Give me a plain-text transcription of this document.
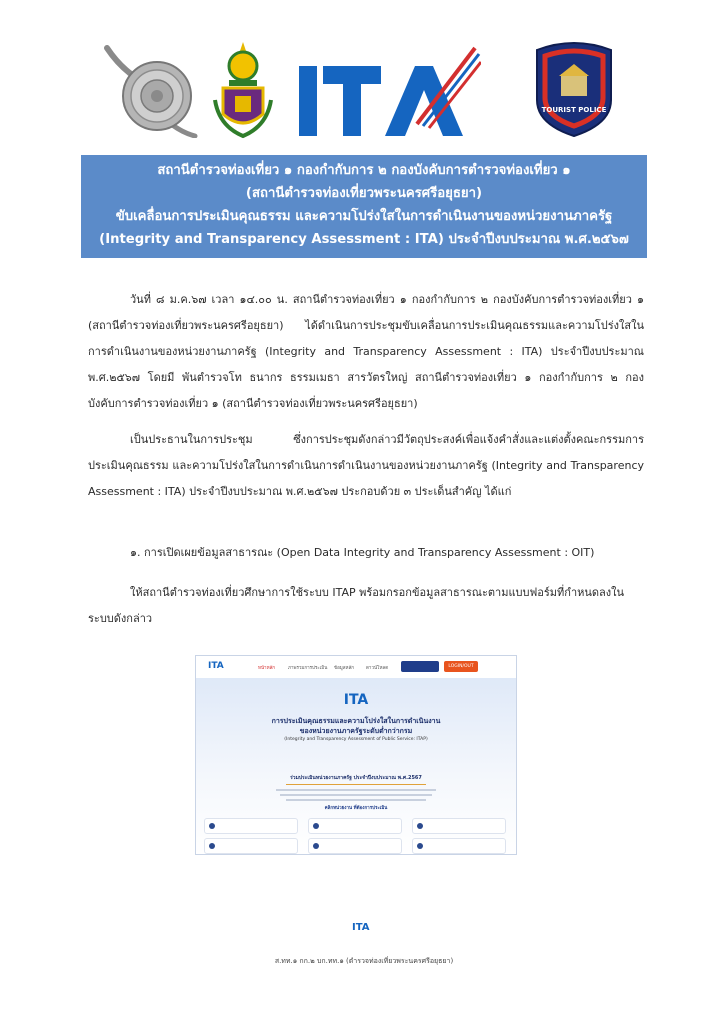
TOURIST POLICE
สถานีตำรวจท่องเที่ยว ๑ กองกำกับการ ๒ กองบังคับการตำรวจท่องเที่ยว ๑
(สถานีตำรวจท่องเที่ยวพระนครศรีอยุธยา)
ขับเคลื่อนการประเมินคุณธรรม และความโปร่งใสในการดำเนินงานของหน่วยงานภาครัฐ
(Integrity and Transparency Assessment : ITA) ประจำปีงบประมาณ พ.ศ.๒๕๖๗
วันที่ ๘ ม.ค.๖๗ เวลา ๑๔.๐๐ น. สถานีตำรวจท่องเที่ยว ๑ กองกำกับการ ๒ กองบังคับการตำรวจท่องเที่ยว ๑ (สถานีตำรวจท่องเที่ยวพระนครศรีอยุธยา) ได้ดำเนินการประชุมขับเคลื่อนการประเมินคุณธรรมและความโปร่งใสในการดำเนินงานของหน่วยงานภาครัฐ (Integrity and Transparency Assessment : ITA) ประจำปีงบประมาณ พ.ศ.๒๕๖๗ โดยมี พันตำรวจโท ธนากร ธรรมเมธา สารวัตรใหญ่ สถานีตำรวจท่องเที่ยว ๑ กองกำกับการ ๒ กองบังคับการตำรวจท่องเที่ยว ๑ (สถานีตำรวจท่องเที่ยวพระนครศรีอยุธยา)
เป็นประธานในการประชุม ซึ่งการประชุมดังกล่าวมีวัตถุประสงค์เพื่อแจ้งคำสั่งและแต่งตั้งคณะกรรมการประเมินคุณธรรม และความโปร่งใสในการดำเนินการดำเนินงานของหน่วยงานภาครัฐ (Integrity and Transparency Assessment : ITA) ประจำปีงบประมาณ พ.ศ.๒๕๖๗ ประกอบด้วย ๓ ประเด็นสำคัญ ได้แก่
๑. การเปิดเผยข้อมูลสาธารณะ (Open Data Integrity and Transparency Assessment : OIT)
ให้สถานีตำรวจท่องเที่ยวศึกษาการใช้ระบบ ITAP พร้อมกรอกข้อมูลสาธารณะตามแบบฟอร์มที่กำหนดลงในระบบดังกล่าว
ITA	หน้าหลัก	ภาพรวมการประเมิน ข้อมูลหลัก	ดาวน์โหลด	LOGIN/OUT
ITA
การประเมินคุณธรรมและความโปร่งใสในการดำเนินงาน
ของหน่วยงานภาครัฐระดับต่ำกว่ากรม
(Integrity and Transparency Assessment of Public Service: ITAP)
ร่วมประเมินหน่วยงานภาครัฐ ประจำปีงบประมาณ พ.ศ.2567
คลิกหน่วยงาน ที่ต้องการประเมิน
ITA
ส.ทท.๑ กก.๒ บก.ทท.๑ (ตำรวจท่องเที่ยวพระนครศรีอยุธยา)
